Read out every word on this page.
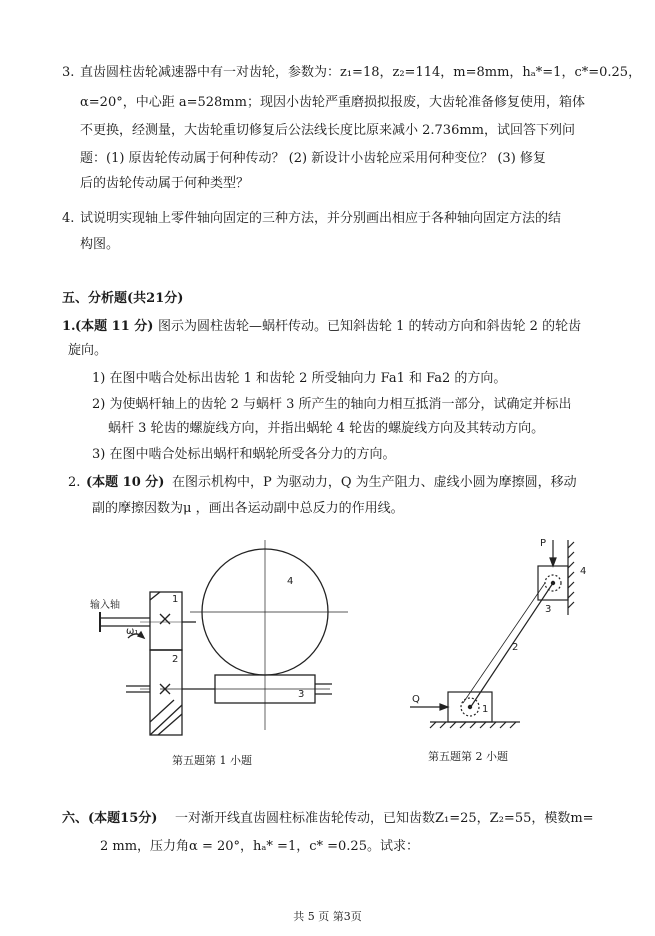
3. 直齿圆柱齿轮减速器中有一对齿轮，参数为：z₁=18，z₂=114，m=8mm，hₐ*=1，c*=0.25，
α=20°，中心距 a=528mm；现因小齿轮严重磨损拟报废，大齿轮准备修复使用，箱体
不更换，经测量，大齿轮重切修复后公法线长度比原来减小 2.736mm，试回答下列问
题：(1) 原齿轮传动属于何种传动？ (2) 新设计小齿轮应采用何种变位？ (3) 修复
后的齿轮传动属于何种类型？
4. 试说明实现轴上零件轴向固定的三种方法，并分别画出相应于各种轴向固定方法的结
构图。
五、分析题(共21分)
1. (本题 11 分) 图示为圆柱齿轮—蜗杆传动。已知斜齿轮 1 的转动方向和斜齿轮 2 的轮齿
旋向。
1) 在图中啮合处标出齿轮 1 和齿轮 2 所受轴向力 Fa1 和 Fa2 的方向。
2) 为使蜗杆轴上的齿轮 2 与蜗杆 3 所产生的轴向力相互抵消一部分，试确定并标出
蜗杆 3 轮齿的螺旋线方向，并指出蜗轮 4 轮齿的螺旋线方向及其转动方向。
3) 在图中啮合处标出蜗杆和蜗轮所受各分力的方向。
2. (本题 10 分) 在图示机构中，P 为驱动力，Q 为生产阻力、虚线小圆为摩擦圆，移动
副的摩擦因数为μ ，画出各运动副中总反力的作用线。
输入轴
ω₁
1
2
3
4
P
Q
1
2
3
4
第五题第 1 小题	第五题第 2 小题
六、(本题15分) 一对渐开线直齿圆柱标准齿轮传动，已知齿数Z₁=25，Z₂=55，模数m=
2 mm，压力角α = 20°，hₐ* =1，c* =0.25。试求：
共 5 页 第3页
